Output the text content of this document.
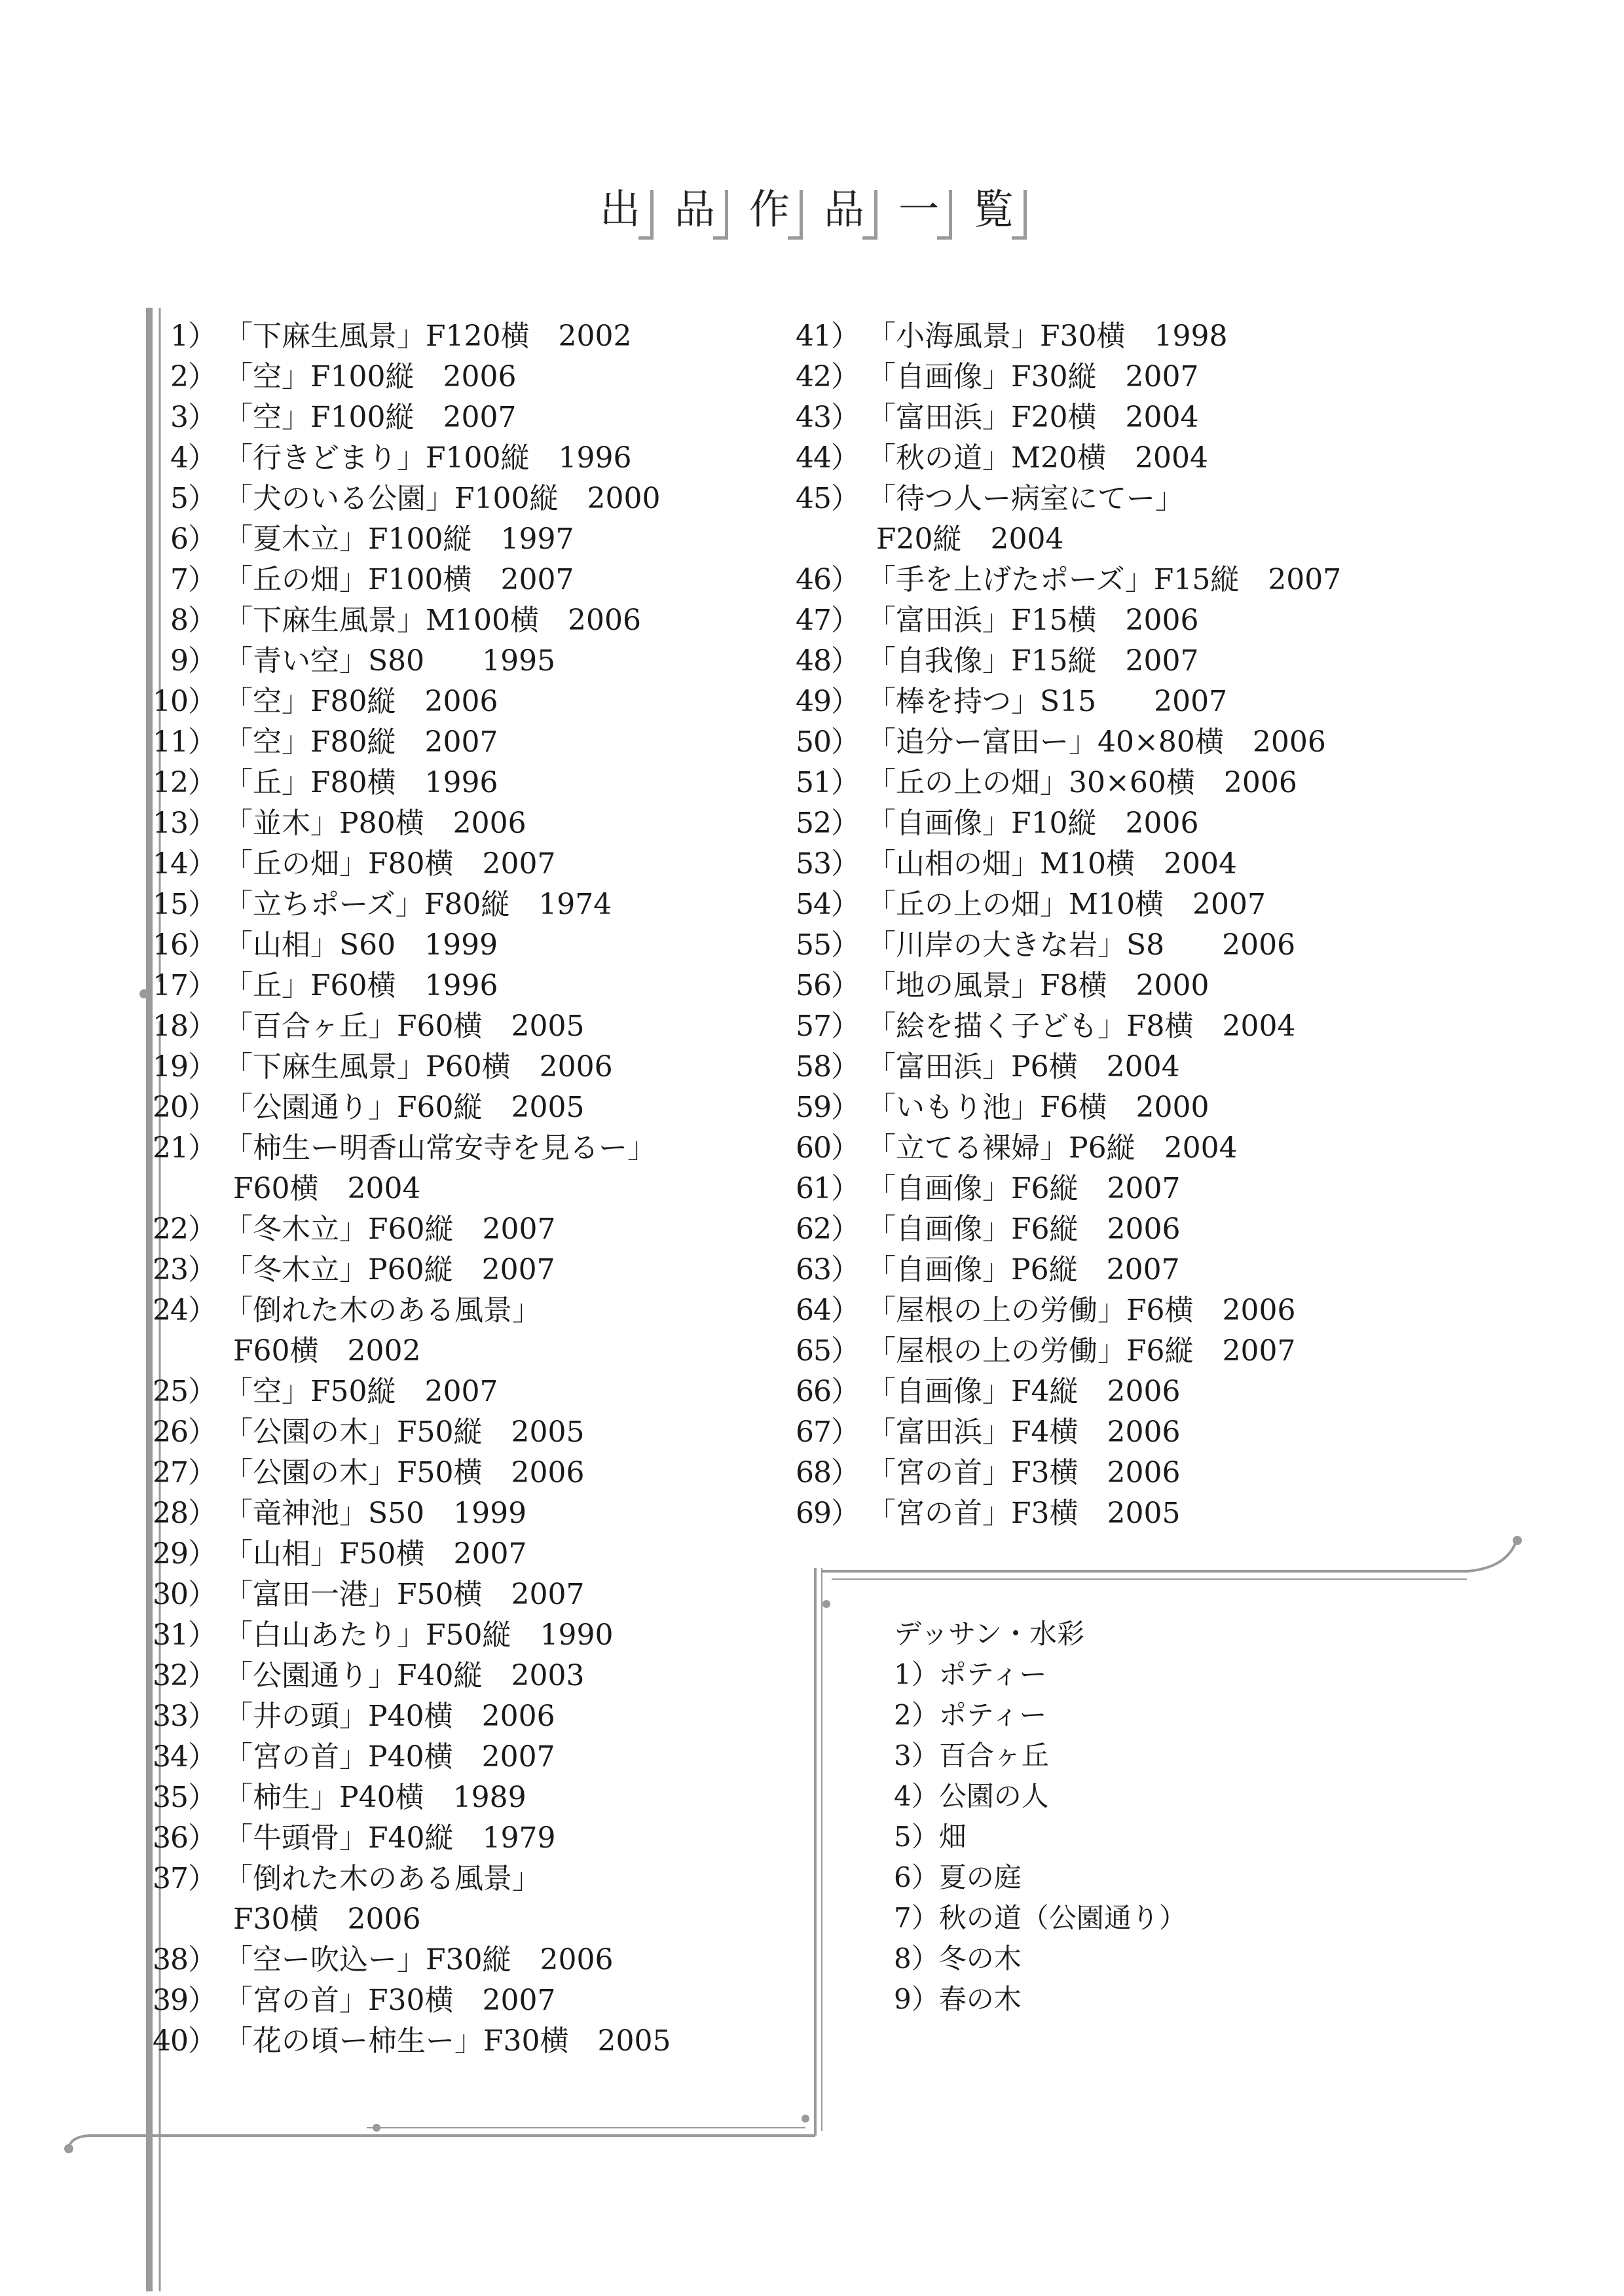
出 品 作 品 一 覧
1） 「下麻生風景」F120横　2002
2） 「空」F100縦　2006
3） 「空」F100縦　2007
4） 「行きどまり」F100縦　1996
5） 「犬のいる公園」F100縦　2000
6） 「夏木立」F100縦　1997
7） 「丘の畑」F100横　2007
8） 「下麻生風景」M100横　2006
9） 「青い空」S80　　1995
10） 「空」F80縦　2006
11） 「空」F80縦　2007
12） 「丘」F80横　1996
13） 「並木」P80横　2006
14） 「丘の畑」F80横　2007
15） 「立ちポーズ」F80縦　1974
16） 「山相」S60　1999
17） 「丘」F60横　1996
18） 「百合ヶ丘」F60横　2005
19） 「下麻生風景」P60横　2006
20） 「公園通り」F60縦　2005
21） 「柿生ー明香山常安寺を見るー」
F60横　2004
22） 「冬木立」F60縦　2007
23） 「冬木立」P60縦　2007
24） 「倒れた木のある風景」
F60横　2002
25） 「空」F50縦　2007
26） 「公園の木」F50縦　2005
27） 「公園の木」F50横　2006
28） 「竜神池」S50　1999
29） 「山相」F50横　2007
30） 「富田一港」F50横　2007
31） 「白山あたり」F50縦　1990
32） 「公園通り」F40縦　2003
33） 「井の頭」P40横　2006
34） 「宮の首」P40横　2007
35） 「柿生」P40横　1989
36） 「牛頭骨」F40縦　1979
37） 「倒れた木のある風景」
F30横　2006
38） 「空ー吹込ー」F30縦　2006
39） 「宮の首」F30横　2007
40） 「花の頃ー柿生ー」F30横　2005
41） 「小海風景」F30横　1998
42） 「自画像」F30縦　2007
43） 「富田浜」F20横　2004
44） 「秋の道」M20横　2004
45） 「待つ人ー病室にてー」
F20縦　2004
46） 「手を上げたポーズ」F15縦　2007
47） 「富田浜」F15横　2006
48） 「自我像」F15縦　2007
49） 「棒を持つ」S15　　2007
50） 「追分ー富田ー」40×80横　2006
51） 「丘の上の畑」30×60横　2006
52） 「自画像」F10縦　2006
53） 「山相の畑」M10横　2004
54） 「丘の上の畑」M10横　2007
55） 「川岸の大きな岩」S8　　2006
56） 「地の風景」F8横　2000
57） 「絵を描く子ども」F8横　2004
58） 「富田浜」P6横　2004
59） 「いもり池」F6横　2000
60） 「立てる裸婦」P6縦　2004
61） 「自画像」F6縦　2007
62） 「自画像」F6縦　2006
63） 「自画像」P6縦　2007
64） 「屋根の上の労働」F6横　2006
65） 「屋根の上の労働」F6縦　2007
66） 「自画像」F4縦　2006
67） 「富田浜」F4横　2006
68） 「宮の首」F3横　2006
69） 「宮の首」F3横　2005
デッサン・水彩
1）ポティー
2）ポティー
3）百合ヶ丘
4）公園の人
5）畑
6）夏の庭
7）秋の道（公園通り）
8）冬の木
9）春の木
